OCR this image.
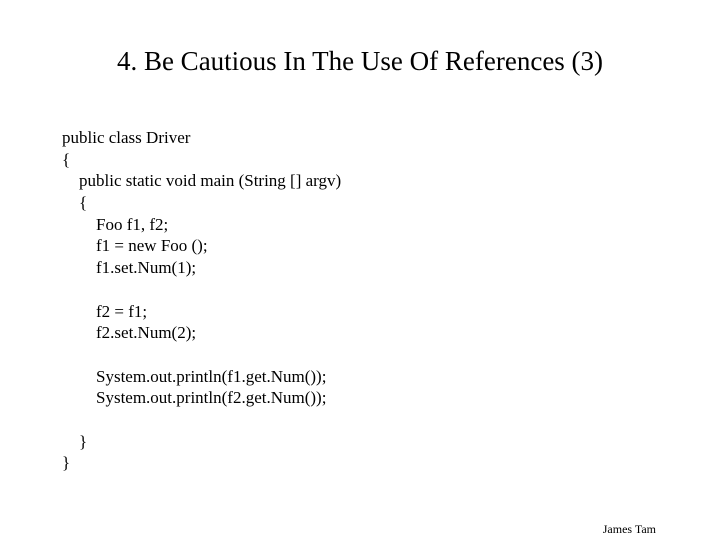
4. Be Cautious In The Use Of References (3)
public class Driver
{
public static void main (String [] argv)
{
Foo f1, f2;
f1 = new Foo ();
f1.set.Num(1);
f2 = f1;
f2.set.Num(2);
System.out.println(f1.get.Num());
System.out.println(f2.get.Num());
}
}
James Tam
